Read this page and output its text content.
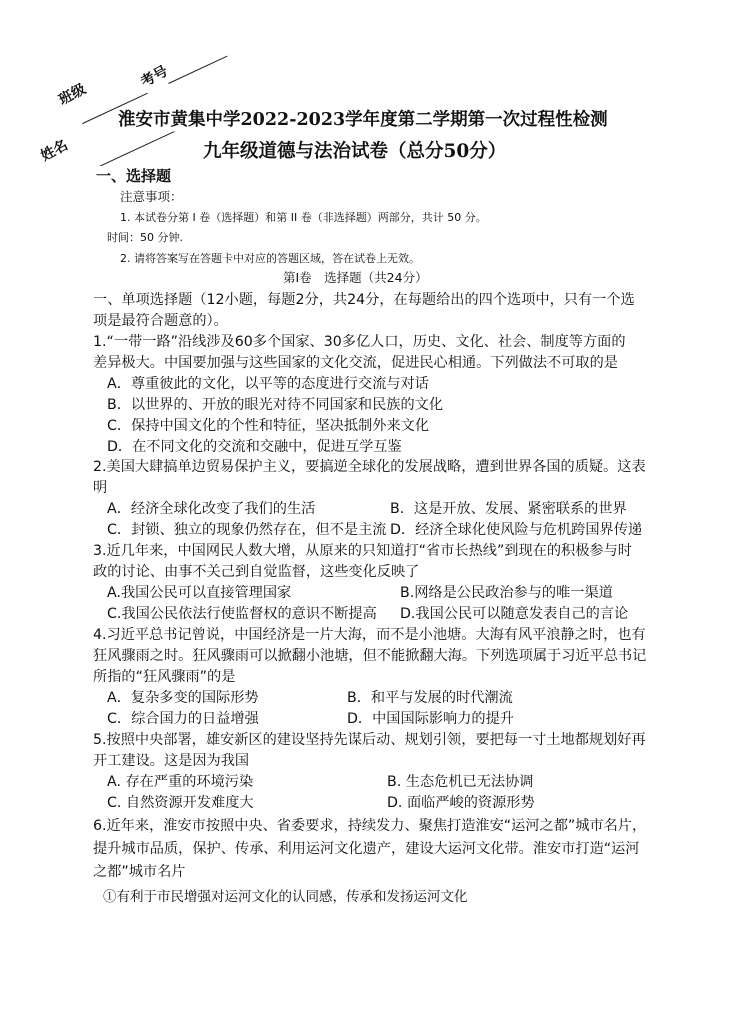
班级
考号
姓名
淮安市黄集中学2022-2023学年度第二学期第一次过程性检测
九年级道德与法治试卷（总分50分）
一、选择题
注意事项：
1. 本试卷分第 I 卷（选择题）和第 II 卷（非选择题）两部分，共计 50 分。
时间：50 分钟.
2. 请将答案写在答题卡中对应的答题区域，答在试卷上无效。
第Ⅰ卷　选择题（共24分）
一、单项选择题（12小题，每题2分，共24分，在每题给出的四个选项中，只有一个选
项是最符合题意的）。
1.“一带一路”沿线涉及60多个国家、30多亿人口，历史、文化、社会、制度等方面的
差异极大。中国要加强与这些国家的文化交流，促进民心相通。下列做法不可取的是
A．尊重彼此的文化，以平等的态度进行交流与对话
B．以世界的、开放的眼光对待不同国家和民族的文化
C．保持中国文化的个性和特征，坚决抵制外来文化
D．在不同文化的交流和交融中，促进互学互鉴
2.美国大肆搞单边贸易保护主义，要搞逆全球化的发展战略，遭到世界各国的质疑。这表
明
A．经济全球化改变了我们的生活	B．这是开放、发展、紧密联系的世界
C．封锁、独立的现象仍然存在，但不是主流 D．经济全球化使风险与危机跨国界传递
3.近几年来，中国网民人数大增，从原来的只知道打“省市长热线”到现在的积极参与时
政的讨论、由事不关己到自觉监督，这些变化反映了
A.我国公民可以直接管理国家	B.网络是公民政治参与的唯一渠道
C.我国公民依法行使监督权的意识不断提高 D.我国公民可以随意发表自己的言论
4.习近平总书记曾说，中国经济是一片大海，而不是小池塘。大海有风平浪静之时，也有
狂风骤雨之时。狂风骤雨可以掀翻小池塘，但不能掀翻大海。下列选项属于习近平总书记
所指的“狂风骤雨”的是
A．复杂多变的国际形势	B．和平与发展的时代潮流
C．综合国力的日益增强	D．中国国际影响力的提升
5.按照中央部署，雄安新区的建设坚持先谋后动、规划引领，要把每一寸土地都规划好再
开工建设。这是因为我国
A. 存在严重的环境污染	B. 生态危机已无法协调
C. 自然资源开发难度大	D. 面临严峻的资源形势
6.近年来，淮安市按照中央、省委要求，持续发力、聚焦打造淮安“运河之都”城市名片，
提升城市品质，保护、传承、利用运河文化遗产，建设大运河文化带。淮安市打造“运河
之都”城市名片
①有利于市民增强对运河文化的认同感，传承和发扬运河文化
